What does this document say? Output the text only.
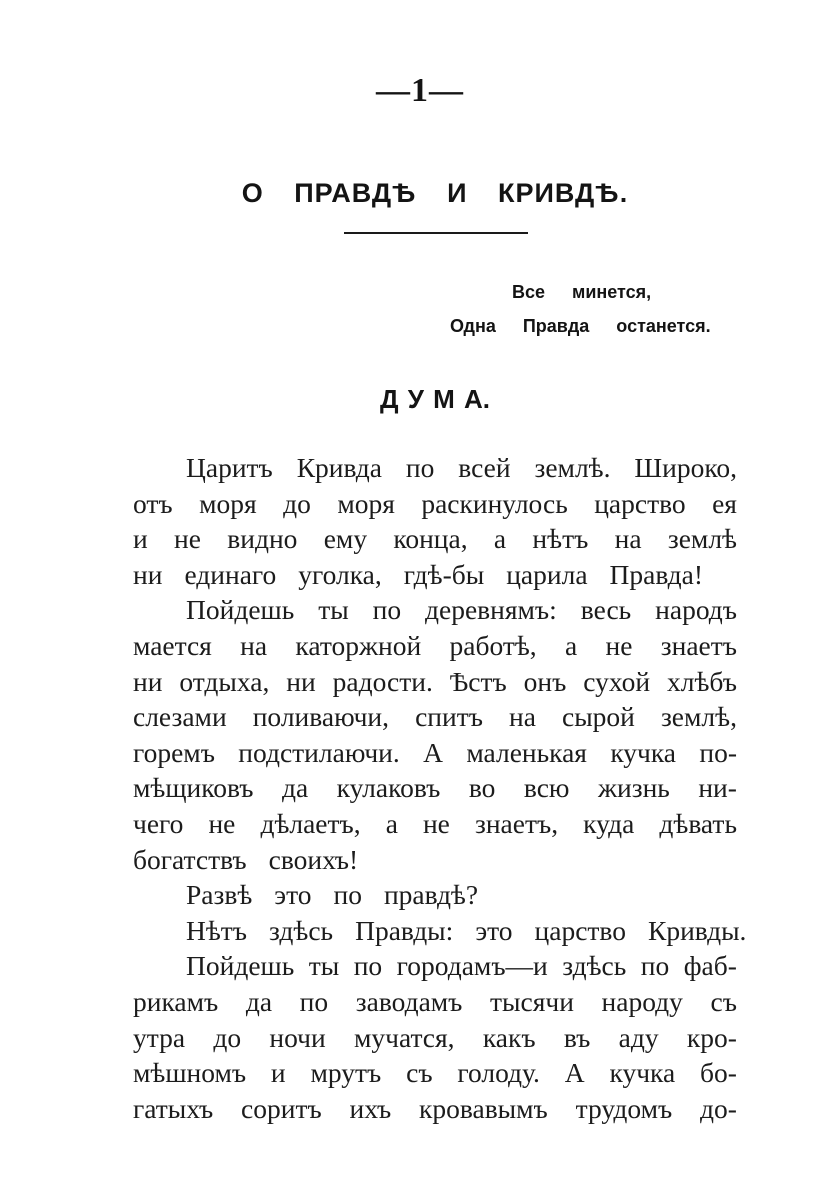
—1—
О ПРАВДѢ И КРИВДѢ.
Все минется,
Одна Правда останется.
Д У М А.
Царитъ Кривда по всей землѣ. Широко,
отъ моря до моря раскинулось царство ея
и не видно ему конца, а нѣтъ на землѣ
ни единаго уголка, гдѣ-бы царила Правда!
Пойдешь ты по деревнямъ: весь народъ
мается на каторжной работѣ, а не знаетъ
ни отдыха, ни радости. Ѣстъ онъ сухой хлѣбъ
слезами поливаючи, спитъ на сырой землѣ,
горемъ подстилаючи. А маленькая кучка по-
мѣщиковъ да кулаковъ во всю жизнь ни-
чего не дѣлаетъ, а не знаетъ, куда дѣвать
богатствъ своихъ!
Развѣ это по правдѣ?
Нѣтъ здѣсь Правды: это царство Кривды.
Пойдешь ты по городамъ—и здѣсь по фаб-
рикамъ да по заводамъ тысячи народу съ
утра до ночи мучатся, какъ въ аду кро-
мѣшномъ и мрутъ съ голоду. А кучка бо-
гатыхъ соритъ ихъ кровавымъ трудомъ до-
